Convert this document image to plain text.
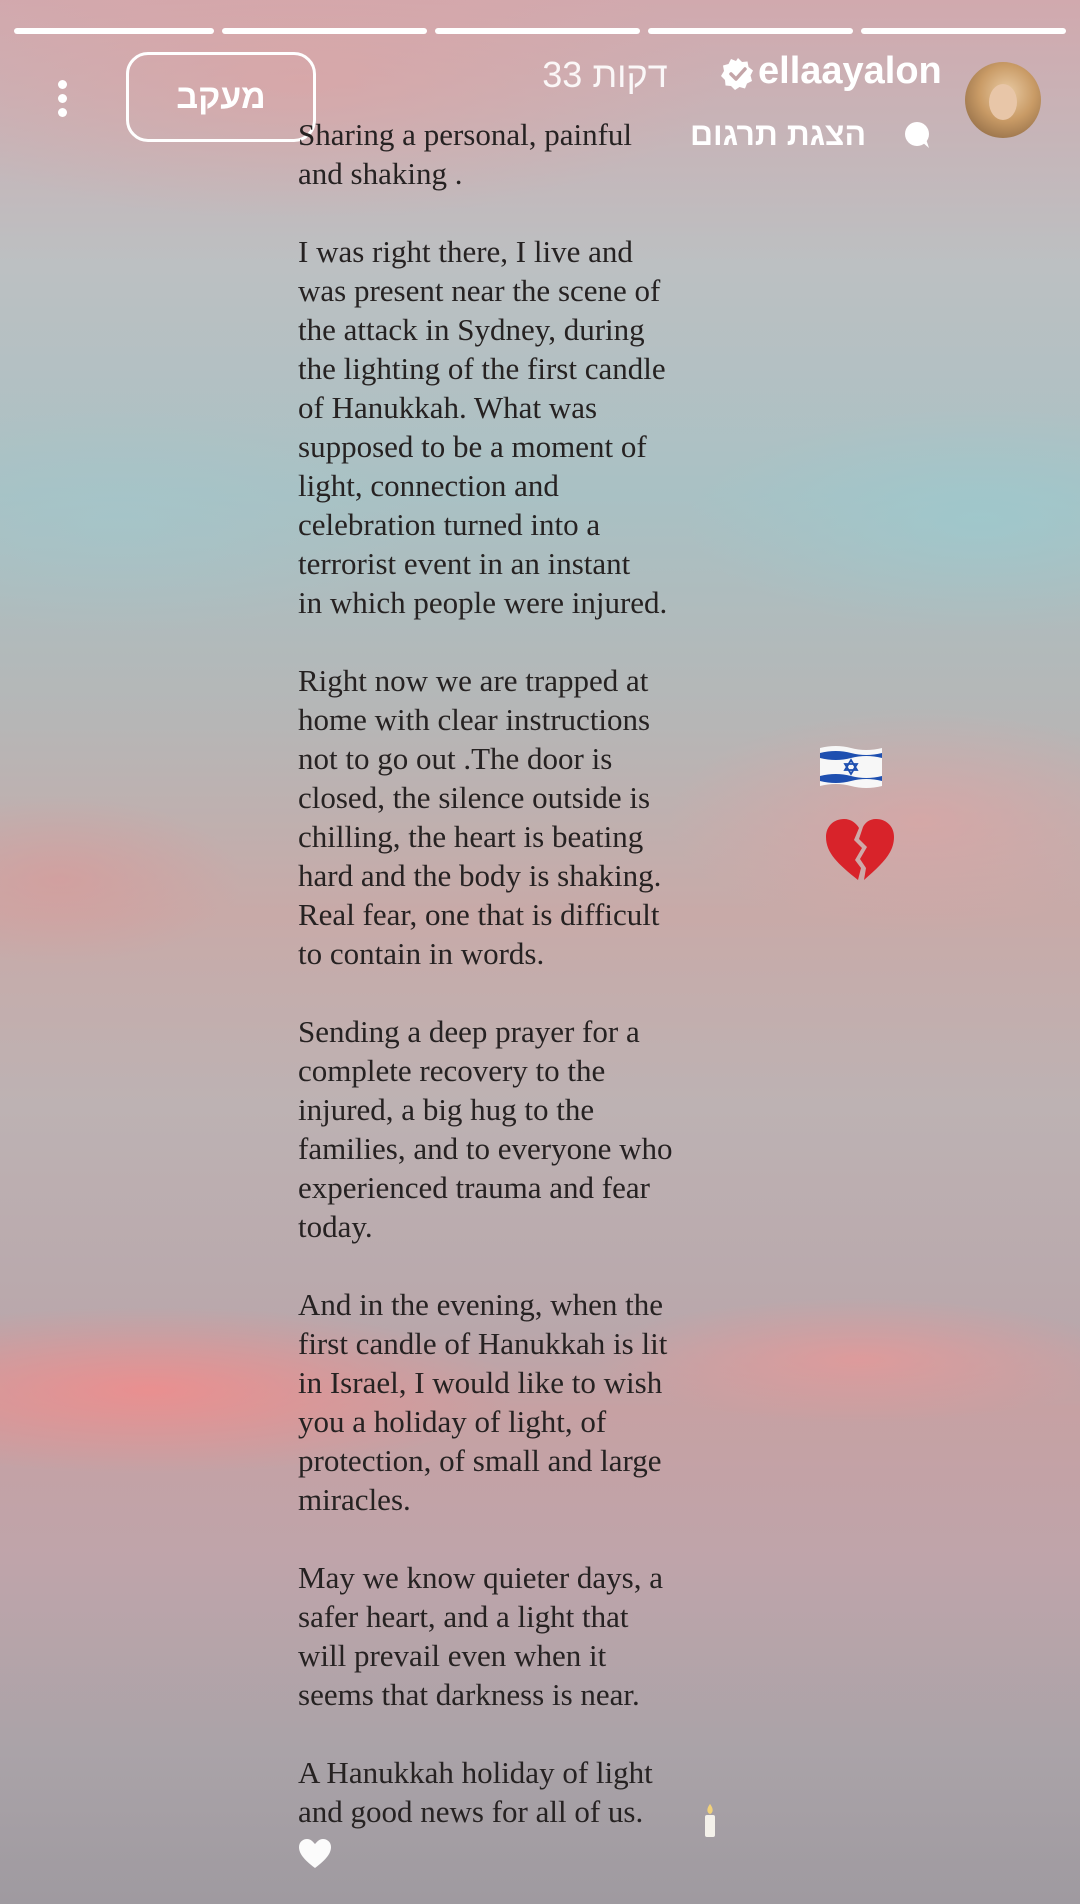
מעקב
33 דקות	ellaayalon
הצגת תרגום

Sharing a personal, painful
and shaking .

I was right there, I live and
was present near the scene of
the attack in Sydney, during
the lighting of the first candle
of Hanukkah. What was
supposed to be a moment of
light, connection and
celebration turned into a
terrorist event in an instant
in which people were injured.

Right now we are trapped at
home with clear instructions
not to go out .The door is
closed, the silence outside is
chilling, the heart is beating
hard and the body is shaking.
Real fear, one that is difficult
to contain in words.

Sending a deep prayer for a
complete recovery to the
injured, a big hug to the
families, and to everyone who
experienced trauma and fear
today.

And in the evening, when the
first candle of Hanukkah is lit
in Israel, I would like to wish
you a holiday of light, of
protection, of small and large
miracles.

May we know quieter days, a
safer heart, and a light that
will prevail even when it
seems that darkness is near.

A Hanukkah holiday of light
and good news for all of us.
